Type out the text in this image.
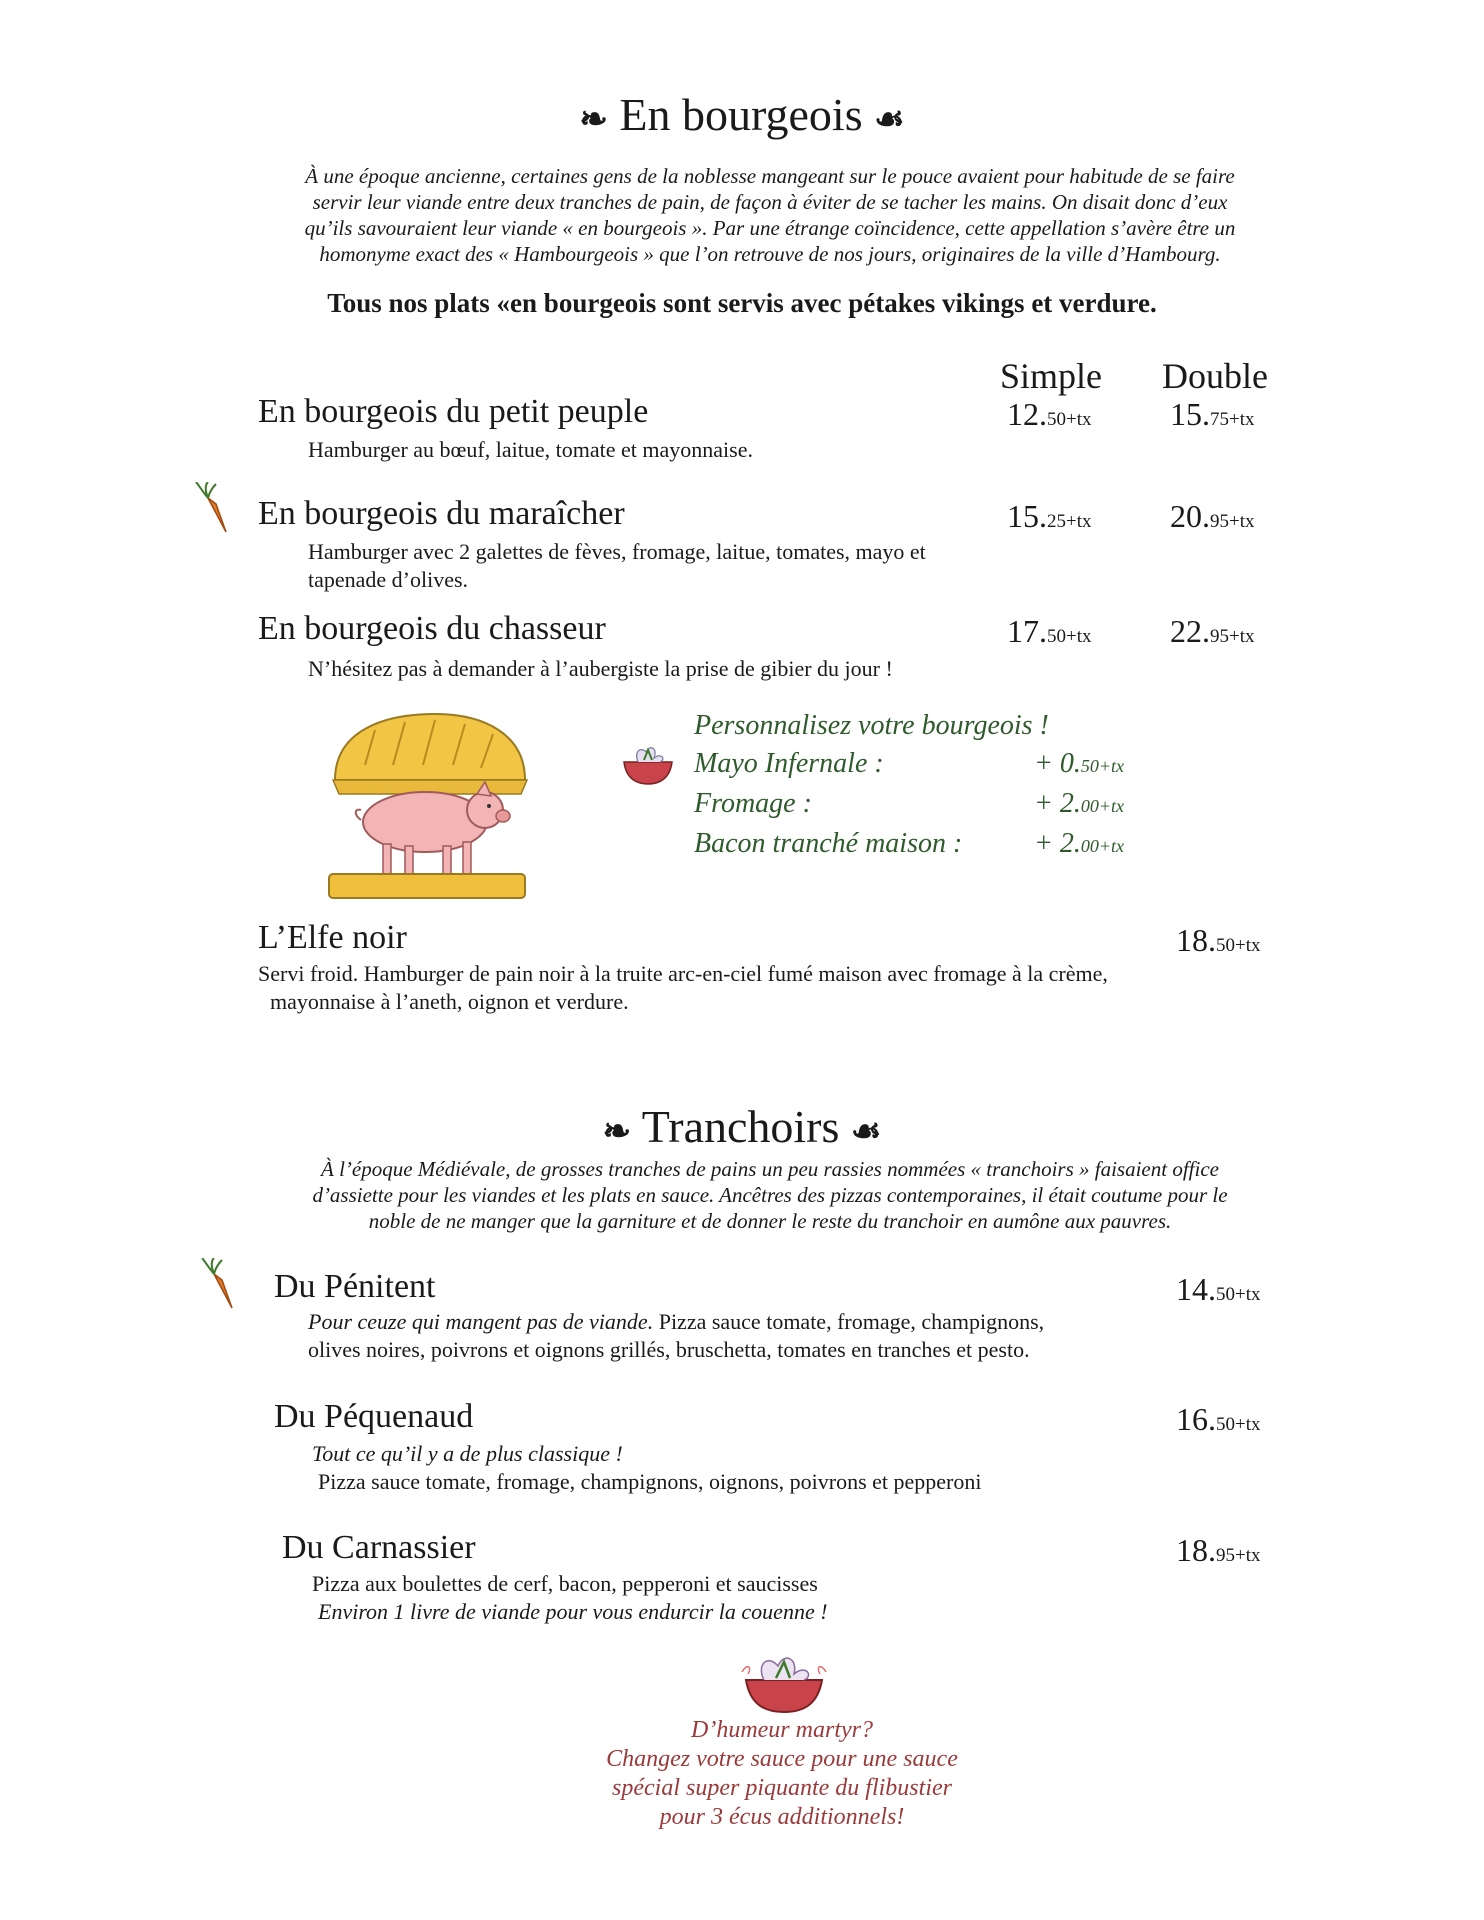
❧ En bourgeois ☙
À une époque ancienne, certaines gens de la noblesse mangeant sur le pouce avaient pour habitude de se faire
servir leur viande entre deux tranches de pain, de façon à éviter de se tacher les mains. On disait donc d’eux
qu’ils savouraient leur viande « en bourgeois ». Par une étrange coïncidence, cette appellation s’avère être un
homonyme exact des « Hambourgeois » que l’on retrouve de nos jours, originaires de la ville d’Hambourg.
Tous nos plats «en bourgeois sont servis avec pétakes vikings et verdure.
Simple Double
En bourgeois du petit peuple	12.50+tx 15.75+tx
Hamburger au bœuf, laitue, tomate et mayonnaise.
En bourgeois du maraîcher	15.25+tx 20.95+tx
Hamburger avec 2 galettes de fèves, fromage, laitue, tomates, mayo et
tapenade d’olives.
En bourgeois du chasseur	17.50+tx 22.95+tx
N’hésitez pas à demander à l’aubergiste la prise de gibier du jour !
Personnalisez votre bourgeois !
Mayo Infernale :	+ 0.50+tx
Fromage :	+ 2.00+tx
Bacon tranché maison :	+ 2.00+tx
L’Elfe noir	18.50+tx
Servi froid. Hamburger de pain noir à la truite arc-en-ciel fumé maison avec fromage à la crème,
mayonnaise à l’aneth, oignon et verdure.
❧ Tranchoirs ☙
À l’époque Médiévale, de grosses tranches de pains un peu rassies nommées « tranchoirs » faisaient office
d’assiette pour les viandes et les plats en sauce. Ancêtres des pizzas contemporaines, il était coutume pour le
noble de ne manger que la garniture et de donner le reste du tranchoir en aumône aux pauvres.
Du Pénitent	14.50+tx
Pour ceuze qui mangent pas de viande. Pizza sauce tomate, fromage, champignons,
olives noires, poivrons et oignons grillés, bruschetta, tomates en tranches et pesto.
Du Péquenaud	16.50+tx
Tout ce qu’il y a de plus classique !
Pizza sauce tomate, fromage, champignons, oignons, poivrons et pepperoni
Du Carnassier	18.95+tx
Pizza aux boulettes de cerf, bacon, pepperoni et saucisses
Environ 1 livre de viande pour vous endurcir la couenne !
D’humeur martyr?
Changez votre sauce pour une sauce
spécial super piquante du flibustier
pour 3 écus additionnels!
